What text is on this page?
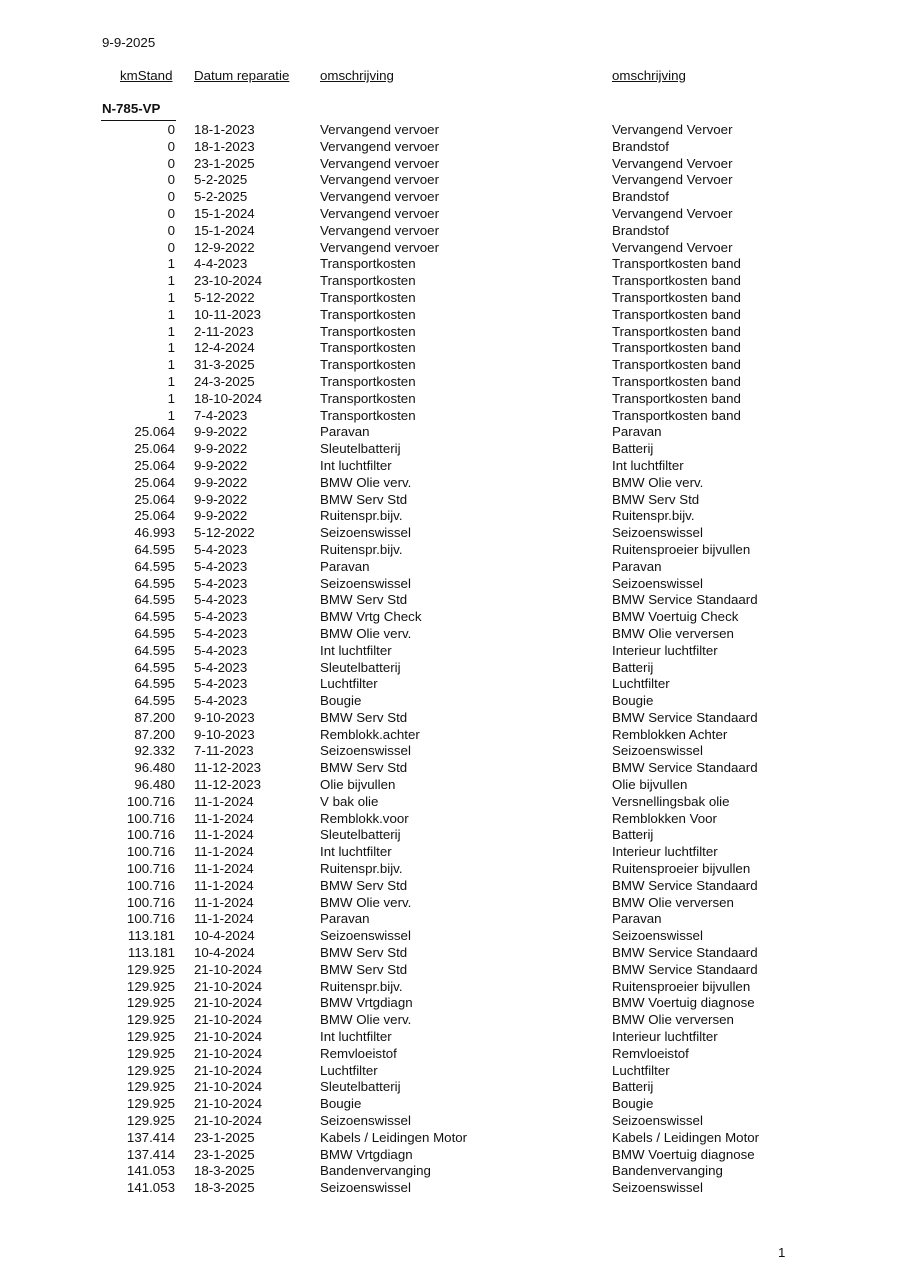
9-9-2025
kmStand Datum reparatie omschrijving	omschrijving
N-785-VP
0 18-1-2023	Vervangend vervoer	Vervangend Vervoer
0 18-1-2023	Vervangend vervoer	Brandstof
0 23-1-2025	Vervangend vervoer	Vervangend Vervoer
0 5-2-2025	Vervangend vervoer	Vervangend Vervoer
0 5-2-2025	Vervangend vervoer	Brandstof
0 15-1-2024	Vervangend vervoer	Vervangend Vervoer
0 15-1-2024	Vervangend vervoer	Brandstof
0 12-9-2022	Vervangend vervoer	Vervangend Vervoer
1 4-4-2023	Transportkosten	Transportkosten band
1 23-10-2024	Transportkosten	Transportkosten band
1 5-12-2022	Transportkosten	Transportkosten band
1 10-11-2023	Transportkosten	Transportkosten band
1 2-11-2023	Transportkosten	Transportkosten band
1 12-4-2024	Transportkosten	Transportkosten band
1 31-3-2025	Transportkosten	Transportkosten band
1 24-3-2025	Transportkosten	Transportkosten band
1 18-10-2024	Transportkosten	Transportkosten band
1 7-4-2023	Transportkosten	Transportkosten band
25.064 9-9-2022	Paravan	Paravan
25.064 9-9-2022	Sleutelbatterij	Batterij
25.064 9-9-2022	Int luchtfilter	Int luchtfilter
25.064 9-9-2022	BMW Olie verv.	BMW Olie verv.
25.064 9-9-2022	BMW Serv Std	BMW Serv Std
25.064 9-9-2022	Ruitenspr.bijv.	Ruitenspr.bijv.
46.993 5-12-2022	Seizoenswissel	Seizoenswissel
64.595 5-4-2023	Ruitenspr.bijv.	Ruitensproeier bijvullen
64.595 5-4-2023	Paravan	Paravan
64.595 5-4-2023	Seizoenswissel	Seizoenswissel
64.595 5-4-2023	BMW Serv Std	BMW Service Standaard
64.595 5-4-2023	BMW Vrtg Check	BMW Voertuig Check
64.595 5-4-2023	BMW Olie verv.	BMW Olie verversen
64.595 5-4-2023	Int luchtfilter	Interieur luchtfilter
64.595 5-4-2023	Sleutelbatterij	Batterij
64.595 5-4-2023	Luchtfilter	Luchtfilter
64.595 5-4-2023	Bougie	Bougie
87.200 9-10-2023	BMW Serv Std	BMW Service Standaard
87.200 9-10-2023	Remblokk.achter	Remblokken Achter
92.332 7-11-2023	Seizoenswissel	Seizoenswissel
96.480 11-12-2023	BMW Serv Std	BMW Service Standaard
96.480 11-12-2023	Olie bijvullen	Olie bijvullen
100.716 11-1-2024	V bak olie	Versnellingsbak olie
100.716 11-1-2024	Remblokk.voor	Remblokken Voor
100.716 11-1-2024	Sleutelbatterij	Batterij
100.716 11-1-2024	Int luchtfilter	Interieur luchtfilter
100.716 11-1-2024	Ruitenspr.bijv.	Ruitensproeier bijvullen
100.716 11-1-2024	BMW Serv Std	BMW Service Standaard
100.716 11-1-2024	BMW Olie verv.	BMW Olie verversen
100.716 11-1-2024	Paravan	Paravan
113.181 10-4-2024	Seizoenswissel	Seizoenswissel
113.181 10-4-2024	BMW Serv Std	BMW Service Standaard
129.925 21-10-2024	BMW Serv Std	BMW Service Standaard
129.925 21-10-2024	Ruitenspr.bijv.	Ruitensproeier bijvullen
129.925 21-10-2024	BMW Vrtgdiagn	BMW Voertuig diagnose
129.925 21-10-2024	BMW Olie verv.	BMW Olie verversen
129.925 21-10-2024	Int luchtfilter	Interieur luchtfilter
129.925 21-10-2024	Remvloeistof	Remvloeistof
129.925 21-10-2024	Luchtfilter	Luchtfilter
129.925 21-10-2024	Sleutelbatterij	Batterij
129.925 21-10-2024	Bougie	Bougie
129.925 21-10-2024	Seizoenswissel	Seizoenswissel
137.414 23-1-2025	Kabels / Leidingen Motor	Kabels / Leidingen Motor
137.414 23-1-2025	BMW Vrtgdiagn	BMW Voertuig diagnose
141.053 18-3-2025	Bandenvervanging	Bandenvervanging
141.053 18-3-2025	Seizoenswissel	Seizoenswissel
1
